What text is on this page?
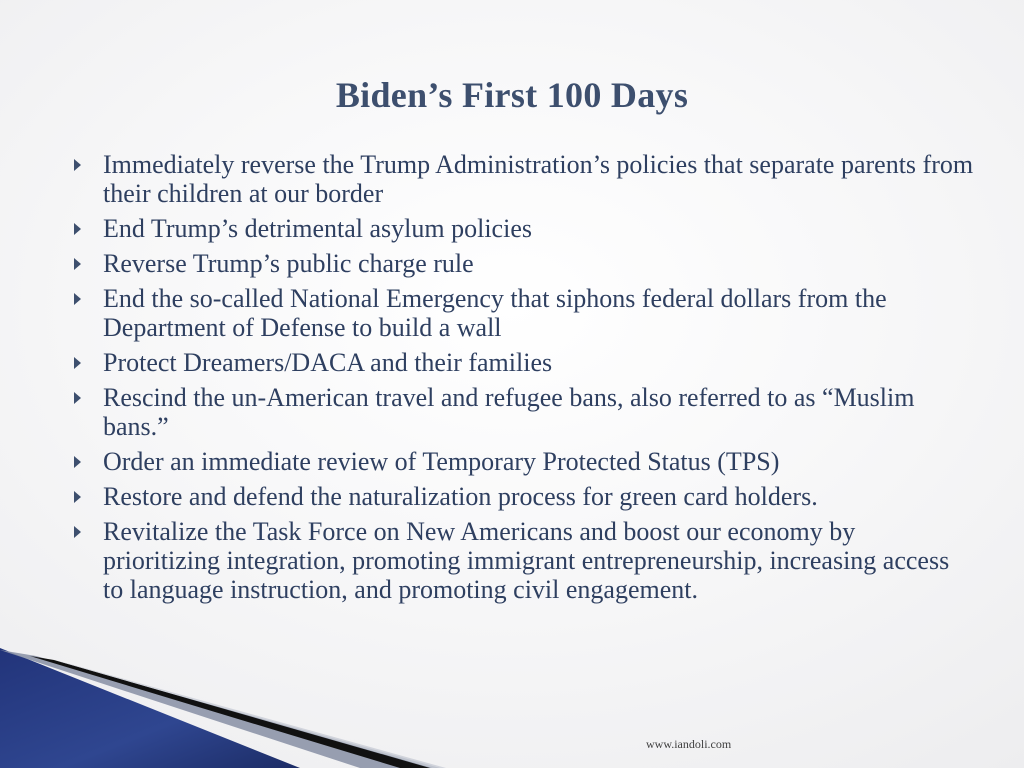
Biden’s First 100 Days
Immediately reverse the Trump Administration’s policies that separate parents from their children at our border
End Trump’s detrimental asylum policies
Reverse Trump’s public charge rule
End the so-called National Emergency that siphons federal dollars from the Department of Defense to build a wall
Protect Dreamers/DACA and their families
Rescind the un-American travel and refugee bans, also referred to as “Muslim bans.”
Order an immediate review of Temporary Protected Status (TPS)
Restore and defend the naturalization process for green card holders.
Revitalize the Task Force on New Americans and boost our economy by prioritizing integration, promoting immigrant entrepreneurship, increasing access to language instruction, and promoting civil engagement.
www.iandoli.com
